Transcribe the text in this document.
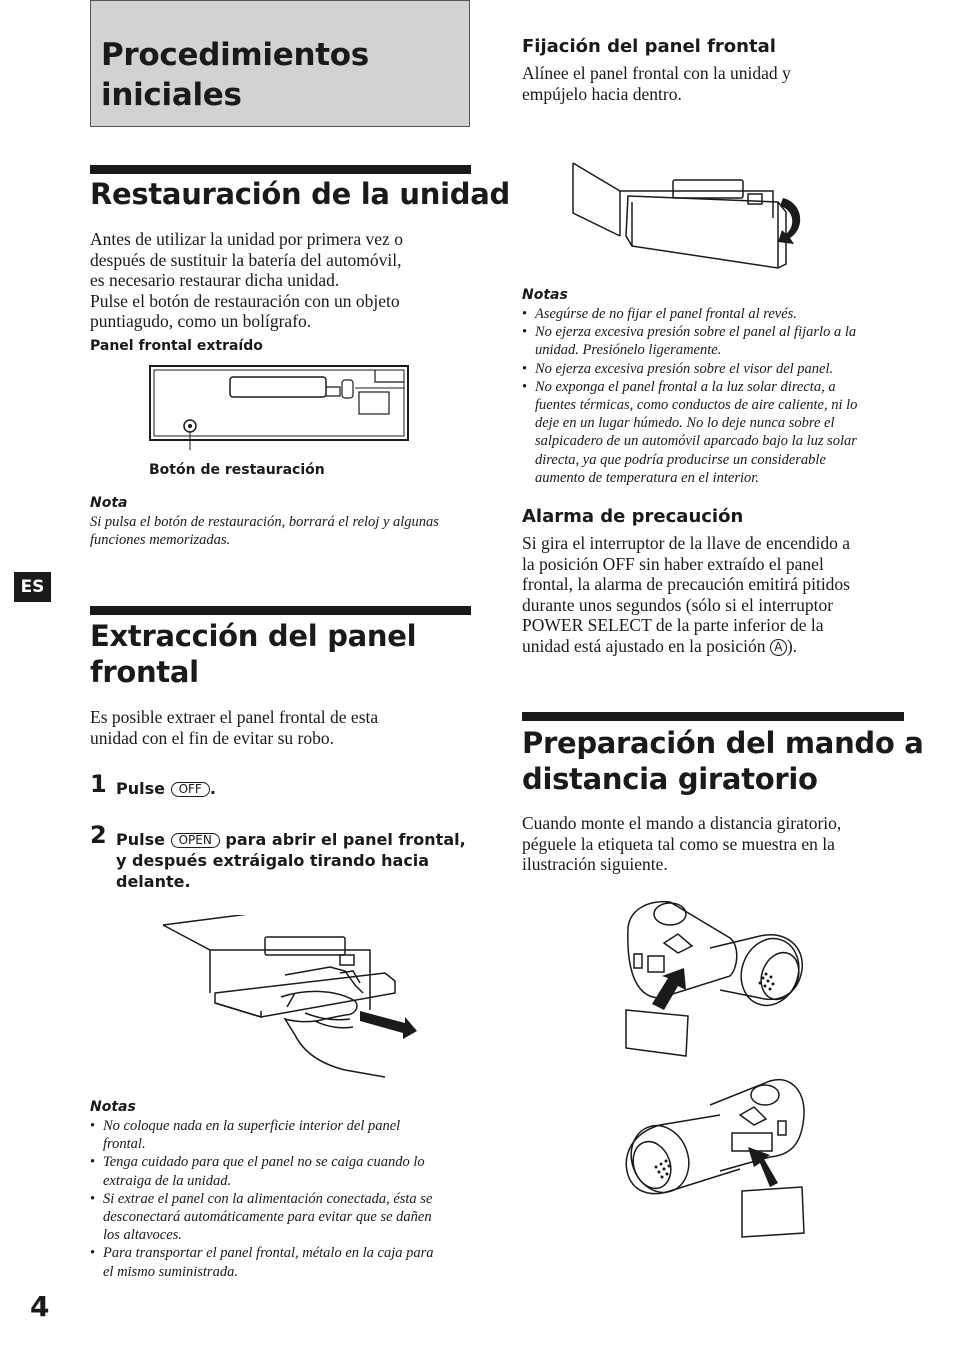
Procedimientos
iniciales
Restauración de la unidad
Antes de utilizar la unidad por primera vez o
después de sustituir la batería del automóvil,
es necesario restaurar dicha unidad.
Pulse el botón de restauración con un objeto
puntiagudo, como un bolígrafo.
Panel frontal extraído
Botón de restauración
Nota
Si pulsa el botón de restauración, borrará el reloj y algunas
funciones memorizadas.
ES
Extracción del panel
frontal
Es posible extraer el panel frontal de esta
unidad con el fin de evitar su robo.
1 Pulse OFF .
2 Pulse OPEN para abrir el panel frontal,
y después extráigalo tirando hacia
delante.
Notas
• No coloque nada en la superficie interior del panel
frontal.
• Tenga cuidado para que el panel no se caiga cuando lo
extraiga de la unidad.
• Si extrae el panel con la alimentación conectada, ésta se
desconectará automáticamente para evitar que se dañen
los altavoces.
• Para transportar el panel frontal, métalo en la caja para
el mismo suministrada.
4
Fijación del panel frontal
Alínee el panel frontal con la unidad y
empújelo hacia dentro.
Notas
• Asegúrse de no fijar el panel frontal al revés.
• No ejerza excesiva presión sobre el panel al fijarlo a la
unidad. Presiónelo ligeramente.
• No ejerza excesiva presión sobre el visor del panel.
• No exponga el panel frontal a la luz solar directa, a
fuentes térmicas, como conductos de aire caliente, ni lo
deje en un lugar húmedo. No lo deje nunca sobre el
salpicadero de un automóvil aparcado bajo la luz solar
directa, ya que podría producirse un considerable
aumento de temperatura en el interior.
Alarma de precaución
Si gira el interruptor de la llave de encendido a
la posición OFF sin haber extraído el panel
frontal, la alarma de precaución emitirá pitidos
durante unos segundos (sólo si el interruptor
POWER SELECT de la parte inferior de la
unidad está ajustado en la posición A ).
Preparación del mando a
distancia giratorio
Cuando monte el mando a distancia giratorio,
péguele la etiqueta tal como se muestra en la
ilustración siguiente.
